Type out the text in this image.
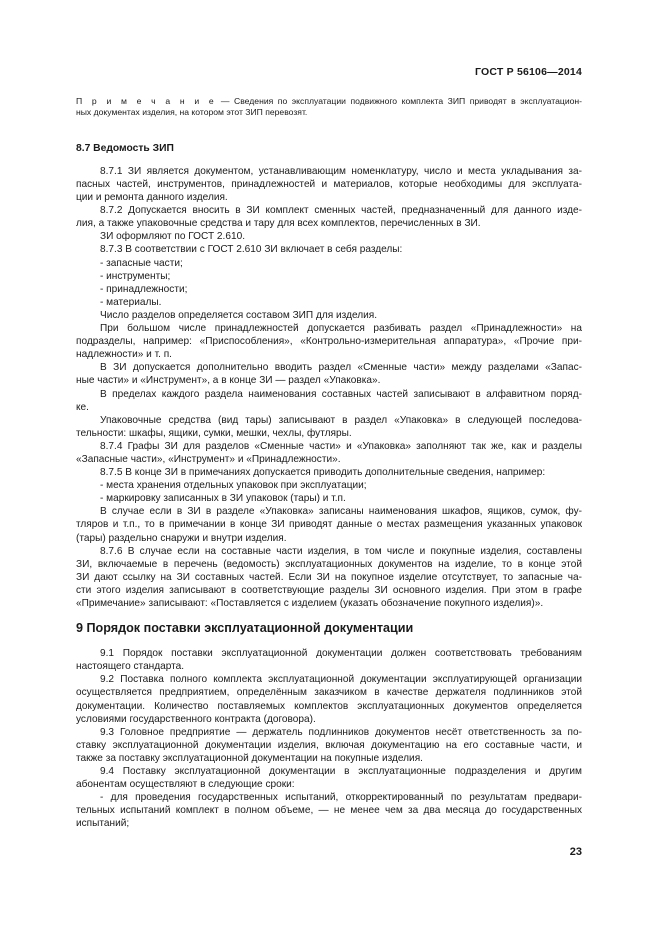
ГОСТ Р 56106—2014
П р и м е ч а н и е — Сведения по эксплуатации подвижного комплекта ЗИП приводят в эксплуатацион-
ных документах изделия, на котором этот ЗИП перевозят.
8.7 Ведомость ЗИП
8.7.1 ЗИ является документом, устанавливающим номенклатуру, число и места укладывания за-
пасных частей, инструментов, принадлежностей и материалов, которые необходимы для эксплуата-
ции и ремонта данного изделия.
8.7.2 Допускается вносить в ЗИ комплект сменных частей, предназначенный для данного изде-
лия, а также упаковочные средства и тару для всех комплектов, перечисленных в ЗИ.
ЗИ оформляют по ГОСТ 2.610.
8.7.3 В соответствии с ГОСТ 2.610 ЗИ включает в себя разделы:
- запасные части;
- инструменты;
- принадлежности;
- материалы.
Число разделов определяется составом ЗИП для изделия.
При большом числе принадлежностей допускается разбивать раздел «Принадлежности» на
подразделы, например: «Приспособления», «Контрольно-измерительная аппаратура», «Прочие при-
надлежности» и т. п.
В ЗИ допускается дополнительно вводить раздел «Сменные части» между разделами «Запас-
ные части» и «Инструмент», а в конце ЗИ — раздел «Упаковка».
В пределах каждого раздела наименования составных частей записывают в алфавитном поряд-
ке.
Упаковочные средства (вид тары) записывают в раздел «Упаковка» в следующей последова-
тельности: шкафы, ящики, сумки, мешки, чехлы, футляры.
8.7.4 Графы ЗИ для разделов «Сменные части» и «Упаковка» заполняют так же, как и разделы
«Запасные части», «Инструмент» и «Принадлежности».
8.7.5 В конце ЗИ в примечаниях допускается приводить дополнительные сведения, например:
- места хранения отдельных упаковок при эксплуатации;
- маркировку записанных в ЗИ упаковок (тары) и т.п.
В случае если в ЗИ в разделе «Упаковка» записаны наименования шкафов, ящиков, сумок, фу-
тляров и т.п., то в примечании в конце ЗИ приводят данные о местах размещения указанных упаковок
(тары) раздельно снаружи и внутри изделия.
8.7.6 В случае если на составные части изделия, в том числе и покупные изделия, составлены
ЗИ, включаемые в перечень (ведомость) эксплуатационных документов на изделие, то в конце этой
ЗИ дают ссылку на ЗИ составных частей. Если ЗИ на покупное изделие отсутствует, то запасные ча-
сти этого изделия записывают в соответствующие разделы ЗИ основного изделия. При этом в графе
«Примечание» записывают: «Поставляется с изделием (указать обозначение покупного изделия)».
9 Порядок поставки эксплуатационной документации
9.1 Порядок поставки эксплуатационной документации должен соответствовать требованиям
настоящего стандарта.
9.2 Поставка полного комплекта эксплуатационной документации эксплуатирующей организации
осуществляется предприятием, определённым заказчиком в качестве держателя подлинников этой
документации. Количество поставляемых комплектов эксплуатационных документов определяется
условиями государственного контракта (договора).
9.3 Головное предприятие — держатель подлинников документов несёт ответственность за по-
ставку эксплуатационной документации изделия, включая документацию на его составные части, и
также за поставку эксплуатационной документации на покупные изделия.
9.4 Поставку эксплуатационной документации в эксплуатационные подразделения и другим
абонентам осуществляют в следующие сроки:
- для проведения государственных испытаний, откорректированный по результатам предвари-
тельных испытаний комплект в полном объеме, — не менее чем за два месяца до государственных
испытаний;
23
